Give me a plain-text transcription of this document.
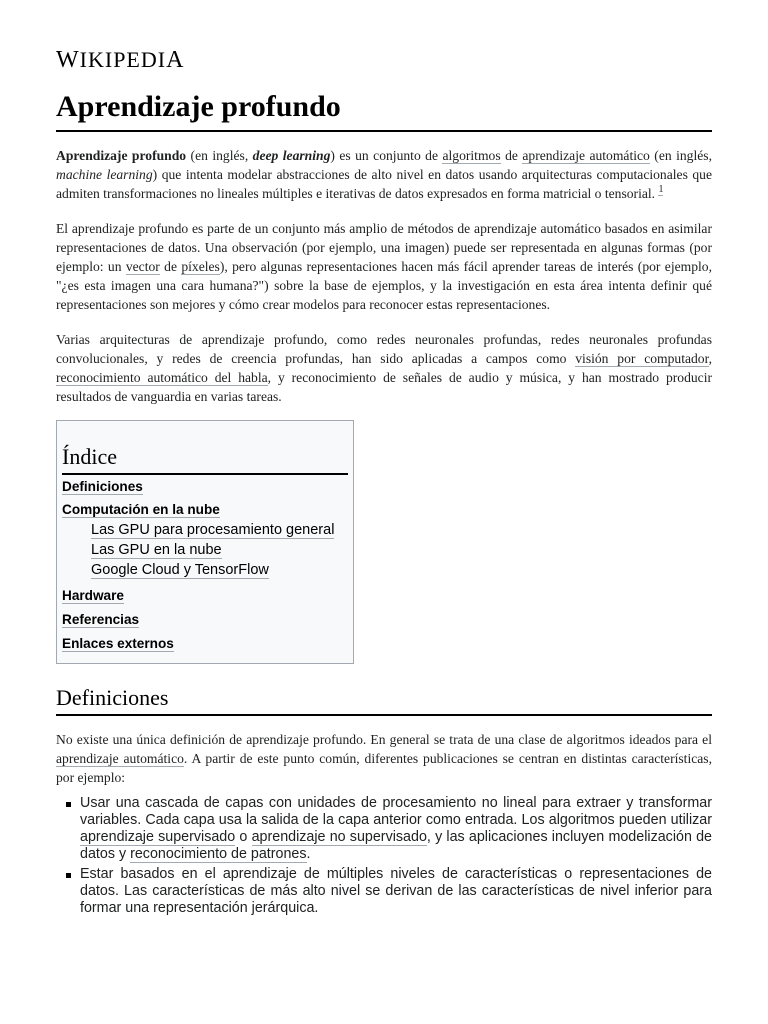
WIKIPEDIA
Aprendizaje profundo

Aprendizaje profundo (en inglés, deep learning) es un conjunto de algoritmos de aprendizaje automático (en inglés, machine learning) que intenta modelar abstracciones de alto nivel en datos usando arquitecturas computacionales que admiten transformaciones no lineales múltiples e iterativas de datos expresados en forma matricial o tensorial. $^1$

El aprendizaje profundo es parte de un conjunto más amplio de métodos de aprendizaje automático basados en asimilar representaciones de datos. Una observación (por ejemplo, una imagen) puede ser representada en algunas formas (por ejemplo: un vector de píxeles), pero algunas representaciones hacen más fácil aprender tareas de interés (por ejemplo, "¿es esta imagen una cara humana?") sobre la base de ejemplos, y la investigación en esta área intenta definir qué representaciones son mejores y cómo crear modelos para reconocer estas representaciones.

Varias arquitecturas de aprendizaje profundo, como redes neuronales profundas, redes neuronales profundas convolucionales, y redes de creencia profundas, han sido aplicadas a campos como visión por computador, reconocimiento automático del habla, y reconocimiento de señales de audio y música, y han mostrado producir resultados de vanguardia en varias tareas.

Índice
Definiciones
Computación en la nube
Las GPU para procesamiento general
Las GPU en la nube
Google Cloud y TensorFlow
Hardware
Referencias
Enlaces externos
Definiciones

No existe una única definición de aprendizaje profundo. En general se trata de una clase de algoritmos ideados para el aprendizaje automático. A partir de este punto común, diferentes publicaciones se centran en distintas características, por ejemplo:

Usar una cascada de capas con unidades de procesamiento no lineal para extraer y transformar variables. Cada capa usa la salida de la capa anterior como entrada. Los algoritmos pueden utilizar aprendizaje supervisado o aprendizaje no supervisado, y las aplicaciones incluyen modelización de datos y reconocimiento de patrones.
Estar basados en el aprendizaje de múltiples niveles de características o representaciones de datos. Las características de más alto nivel se derivan de las características de nivel inferior para formar una representación jerárquica.
